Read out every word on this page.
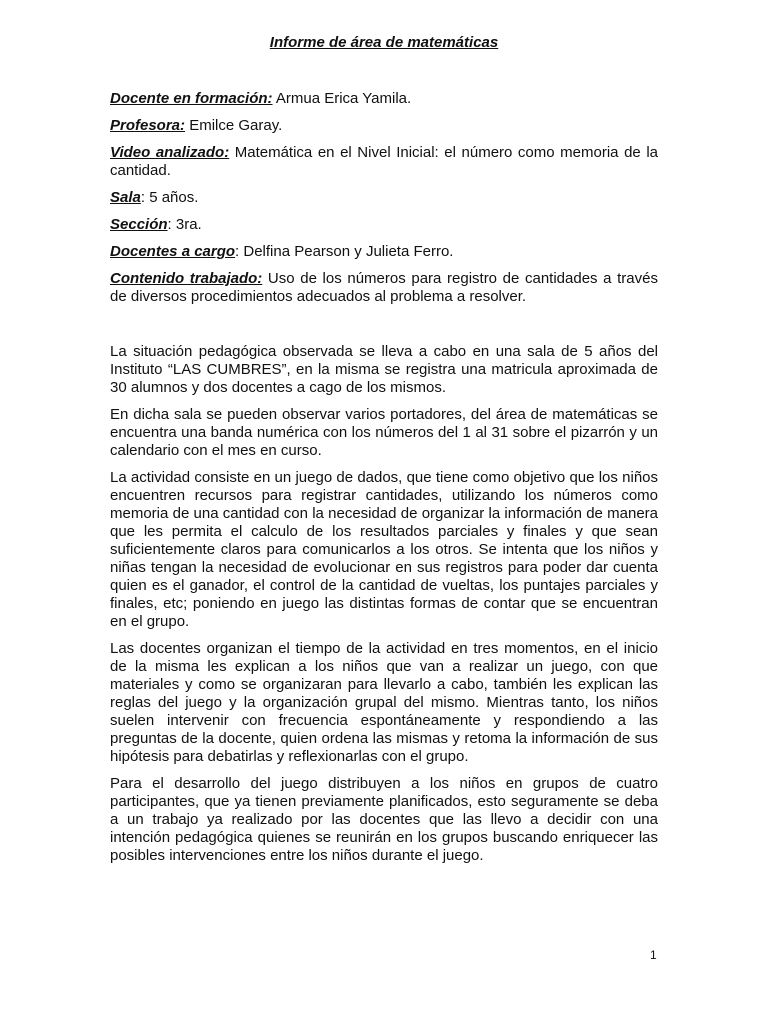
Informe de área de matemáticas

Docente en formación: Armua Erica Yamila.

Profesora: Emilce Garay.

Video analizado: Matemática en el Nivel Inicial: el número como memoria de la cantidad.

Sala: 5 años.

Sección: 3ra.

Docentes a cargo: Delfina Pearson y Julieta Ferro.

Contenido trabajado: Uso de los números para registro de cantidades a través de diversos procedimientos adecuados al problema a resolver.

La situación pedagógica observada se lleva a cabo en una sala de 5 años del Instituto “LAS CUMBRES”, en la misma se registra una matricula aproximada de 30 alumnos y dos docentes a cago de los mismos.

En dicha sala se pueden observar varios portadores, del área de matemáticas se encuentra una banda numérica con los números del 1 al 31 sobre el pizarrón y un calendario con el mes en curso.

La actividad consiste en un juego de dados, que tiene como objetivo que los niños encuentren recursos para registrar cantidades, utilizando los números como memoria de una cantidad con la necesidad de organizar la información de manera que les permita el calculo de los resultados parciales y finales y que sean suficientemente claros para comunicarlos a los otros. Se intenta que los niños y niñas tengan la necesidad de evolucionar en sus registros para poder dar cuenta quien es el ganador, el control de la cantidad de vueltas, los puntajes parciales y finales, etc; poniendo en juego las distintas formas de contar que se encuentran en el grupo.

Las docentes organizan el tiempo de la actividad en tres momentos, en el inicio de la misma les explican a los niños que van a realizar un juego, con que materiales y como se organizaran para llevarlo a cabo, también les explican las reglas del juego y la organización grupal del mismo. Mientras tanto, los niños suelen intervenir con frecuencia espontáneamente y respondiendo a las preguntas de la docente, quien ordena las mismas y retoma la información de sus hipótesis para debatirlas y reflexionarlas con el grupo.

Para el desarrollo del juego distribuyen a los niños en grupos de cuatro participantes, que ya tienen previamente planificados, esto seguramente se deba a un trabajo ya realizado por las docentes que las llevo a decidir con una intención pedagógica quienes se reunirán en los grupos buscando enriquecer las posibles intervenciones entre los niños durante el juego.

1
